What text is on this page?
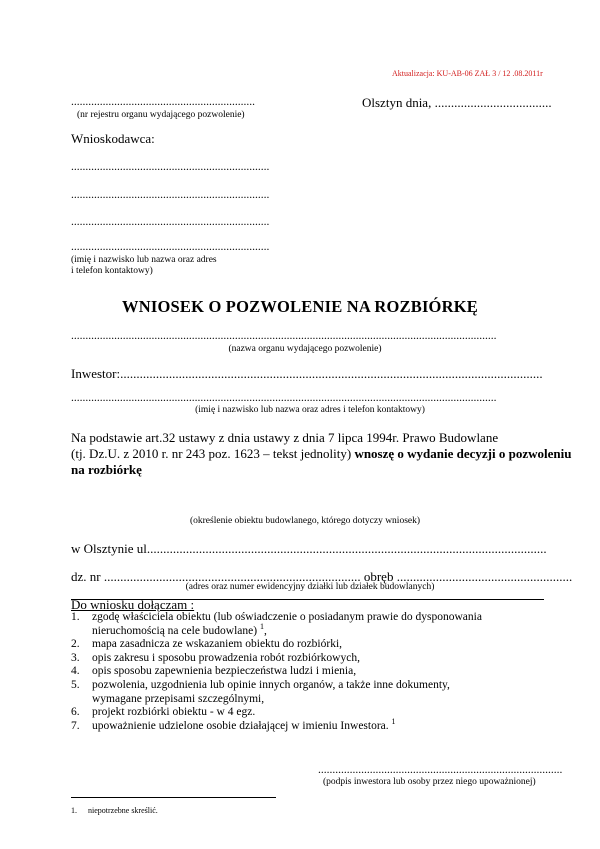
Aktualizacja: KU-AB-06 ZAŁ 3 / 12 .08.2011r
................................................................
(nr rejestru organu wydającego pozwolenie)
Olsztyn dnia, ....................................
Wnioskodawca:
.....................................................................
.....................................................................
.....................................................................
.....................................................................
(imię i nazwisko lub nazwa oraz adres
i telefon kontaktowy)
WNIOSEK O POZWOLENIE NA ROZBIÓRKĘ
....................................................................................................................................................
(nazwa organu wydającego pozwolenie)
Inwestor:..................................................................................................................................
....................................................................................................................................................
(imię i nazwisko lub nazwa oraz adres i telefon kontaktowy)
Na podstawie art.32 ustawy z dnia ustawy z dnia 7 lipca 1994r. Prawo Budowlane
(tj. Dz.U. z 2010 r. nr 243 poz. 1623 – tekst jednolity) wnoszę o wydanie decyzji o pozwoleniu
na rozbiórkę
(określenie obiektu budowlanego, którego dotyczy wniosek)
w Olsztynie ul...........................................................................................................................
dz. nr ............................................................................... obręb ......................................................
(adres oraz numer ewidencyjny działki lub działek budowlanych)
Do wniosku dołączam :
1. zgodę właściciela obiektu (lub oświadczenie o posiadanym prawie do dysponowania
nieruchomością na cele budowlane) $^1$,
2. mapa zasadnicza ze wskazaniem obiektu do rozbiórki,
3. opis zakresu i sposobu prowadzenia robót rozbiórkowych,
4. opis sposobu zapewnienia bezpieczeństwa ludzi i mienia,
5. pozwolenia, uzgodnienia lub opinie innych organów, a także inne dokumenty,
wymagane przepisami szczególnymi,
6. projekt rozbiórki obiektu - w 4 egz.
7. upoważnienie udzielone osobie działającej w imieniu Inwestora. $^1$
.....................................................................................
(podpis inwestora lub osoby przez niego upoważnionej)
1. niepotrzebne skreślić.
